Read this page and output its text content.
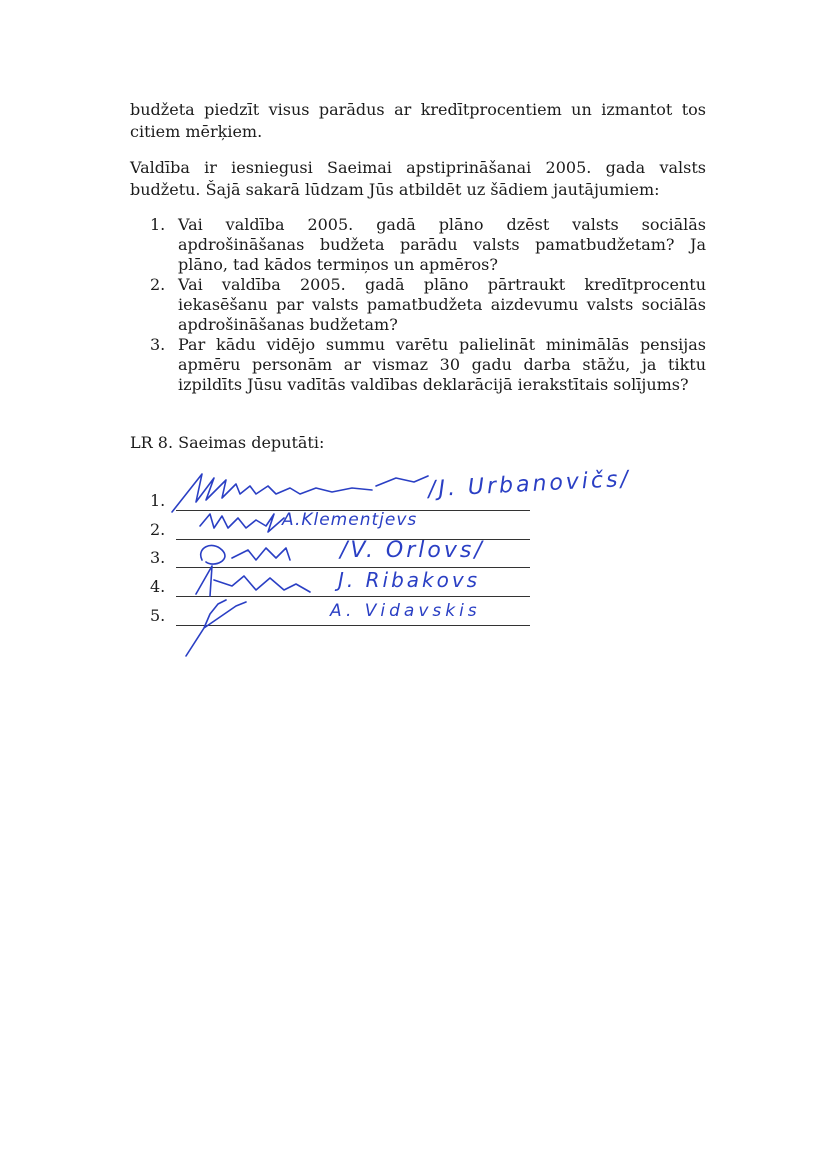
budžeta piedzīt visus parādus ar kredītprocentiem un izmantot tos citiem mērķiem.

Valdība ir iesniegusi Saeimai apstiprināšanai 2005. gada valsts budžetu. Šajā sakarā lūdzam Jūs atbildēt uz šādiem jautājumiem:

1. Vai valdība 2005. gadā plāno dzēst valsts sociālās apdrošināšanas budžeta parādu valsts pamatbudžetam? Ja plāno, tad kādos termiņos un apmēros?
2. Vai valdība 2005. gadā plāno pārtraukt kredītprocentu iekasēšanu par valsts pamatbudžeta aizdevumu valsts sociālās apdrošināšanas budžetam?
3. Par kādu vidējo summu varētu palielināt minimālās pensijas apmēru personām ar vismaz 30 gadu darba stāžu, ja tiktu izpildīts Jūsu vadītās valdības deklarācijā ierakstītais solījums?

LR 8. Saeimas deputāti:

1.
2.
3.
4.
5.
/J. Urbanovičs/
A.Klementjevs
/V. Orlovs/
J. Ribakovs
A. Vidavskis
